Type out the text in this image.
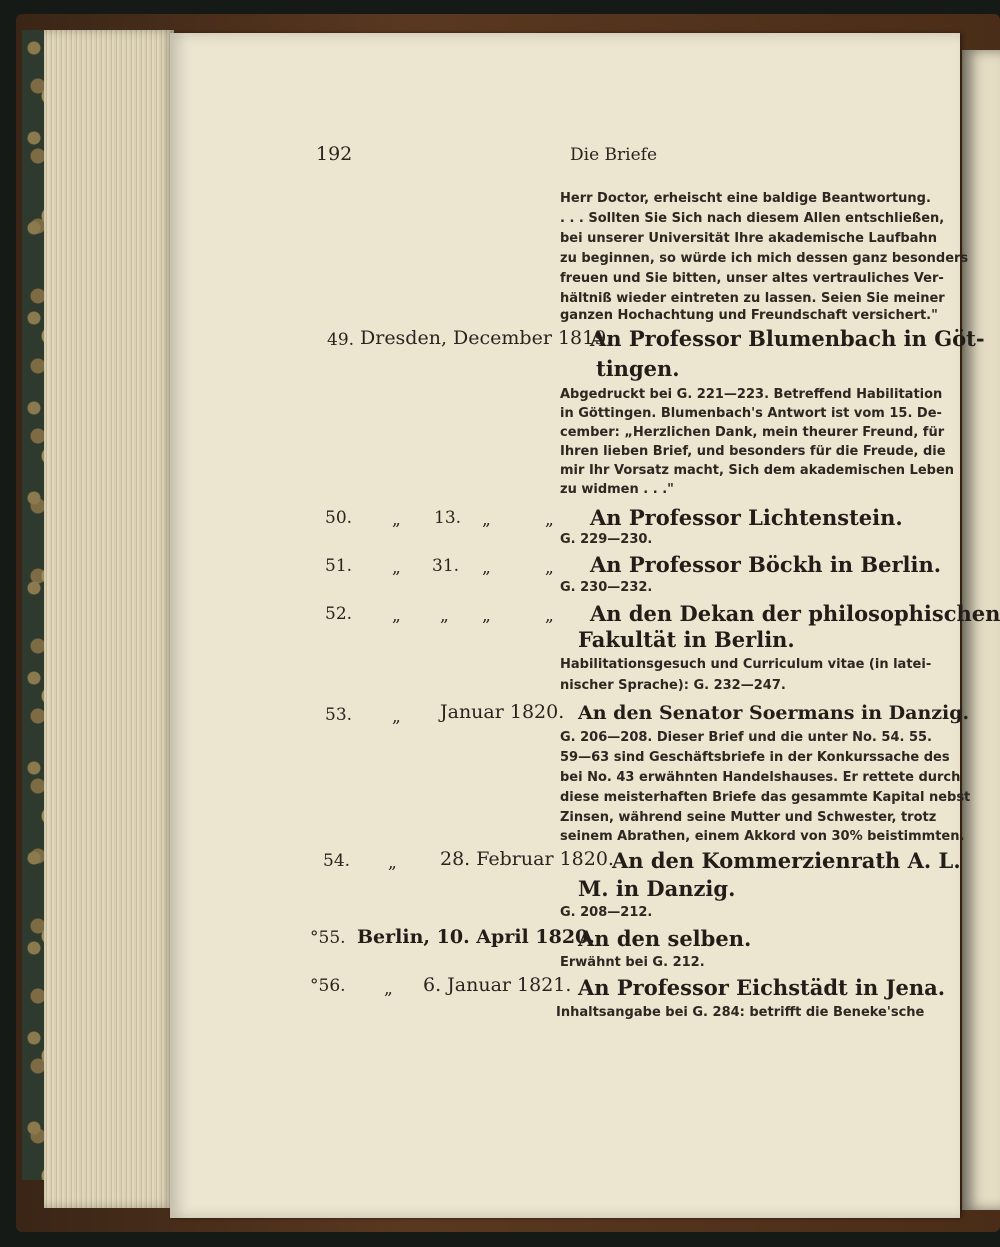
192	Die Briefe
Herr Doctor, erheischt eine baldige Beantwortung.
. . . Sollten Sie Sich nach diesem Allen entschließen,
bei unserer Universität Ihre akademische Laufbahn
zu beginnen, so würde ich mich dessen ganz besonders
freuen und Sie bitten, unser altes vertrauliches Ver-
hältniß wieder eintreten zu lassen. Seien Sie meiner
ganzen Hochachtung und Freundschaft versichert."
49. Dresden, December 1819.
An Professor Blumenbach in Göt-
tingen.
Abgedruckt bei G. 221—223. Betreffend Habilitation
in Göttingen. Blumenbach's Antwort ist vom 15. De-
cember: „Herzlichen Dank, mein theurer Freund, für
Ihren lieben Brief, und besonders für die Freude, die
mir Ihr Vorsatz macht, Sich dem akademischen Leben
zu widmen . . ."
50. „ 13. „	„ An Professor Lichtenstein.
G. 229—230.
51. „ 31. „	„ An Professor Böckh in Berlin.
G. 230—232.
52. „ „ „	„ An den Dekan der philosophischen
Fakultät in Berlin.
Habilitationsgesuch und Curriculum vitae (in latei-
nischer Sprache): G. 232—247.
53. „ Januar 1820. An den Senator Soermans in Danzig.
G. 206—208. Dieser Brief und die unter No. 54. 55.
59—63 sind Geschäftsbriefe in der Konkurssache des
bei No. 43 erwähnten Handelshauses. Er rettete durch
diese meisterhaften Briefe das gesammte Kapital nebst
Zinsen, während seine Mutter und Schwester, trotz
seinem Abrathen, einem Akkord von 30% beistimmten.
54. „ 28. Februar 1820.
An den Kommerzienrath A. L.
M. in Danzig.
G. 208—212.
°55. Berlin, 10. April 1820.
An den selben.
Erwähnt bei G. 212.
°56. „ 6. Januar 1821. An Professor Eichstädt in Jena.
Inhaltsangabe bei G. 284: betrifft die Beneke'sche
